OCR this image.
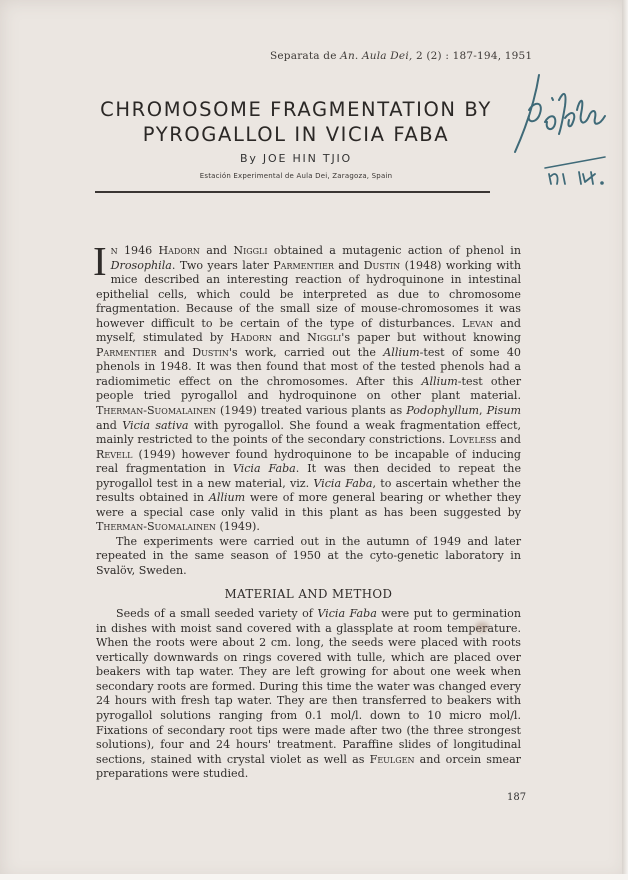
Separata de An. Aula Dei, 2 (2) : 187-194, 1951
CHROMOSOME FRAGMENTATION BY
PYROGALLOL IN VICIA FABA
By JOE HIN TJIO
Estación Experimental de Aula Dei, Zaragoza, Spain

In 1946 Hadorn and Niggli obtained a mutagenic action of phenol in Drosophila. Two years later Parmentier and Dustin (1948) working with mice described an interesting reaction of hydroquinone in intestinal epithelial cells, which could be interpreted as due to chromosome fragmentation. Because of the small size of mouse-chromosomes it was however difficult to be certain of the type of disturbances. Levan and myself, stimulated by Hadorn and Niggli's paper but without knowing Parmentier and Dustin's work, carried out the Allium-test of some 40 phenols in 1948. It was then found that most of the tested phenols had a radiomimetic effect on the chromosomes. After this Allium-test other people tried pyrogallol and hydroquinone on other plant material. Therman-Suomalainen (1949) treated various plants as Podophyllum, Pisum and Vicia sativa with pyrogallol. She found a weak fragmentation effect, mainly restricted to the points of the secondary constrictions. Loveless and Revell (1949) however found hydroquinone to be incapable of inducing real fragmentation in Vicia Faba. It was then decided to repeat the pyrogallol test in a new material, viz. Vicia Faba, to ascertain whether the results obtained in Allium were of more general bearing or whether they were a special case only valid in this plant as has been suggested by Therman-Suomalainen (1949).

The experiments were carried out in the autumn of 1949 and later repeated in the same season of 1950 at the cyto-genetic laboratory in Svalöv, Sweden.

MATERIAL AND METHOD

Seeds of a small seeded variety of Vicia Faba were put to germination in dishes with moist sand covered with a glassplate at room temperature. When the roots were about 2 cm. long, the seeds were placed with roots vertically downwards on rings covered with tulle, which are placed over beakers with tap water. They are left growing for about one week when secondary roots are formed. During this time the water was changed every 24 hours with fresh tap water. They are then transferred to beakers with pyrogallol solutions ranging from 0.1 mol/l. down to 10 micro mol/l. Fixations of secondary root tips were made after two (the three strongest solutions), four and 24 hours' treatment. Paraffine slides of longitudinal sections, stained with crystal violet as well as Feulgen and orcein smear preparations were studied.

187
